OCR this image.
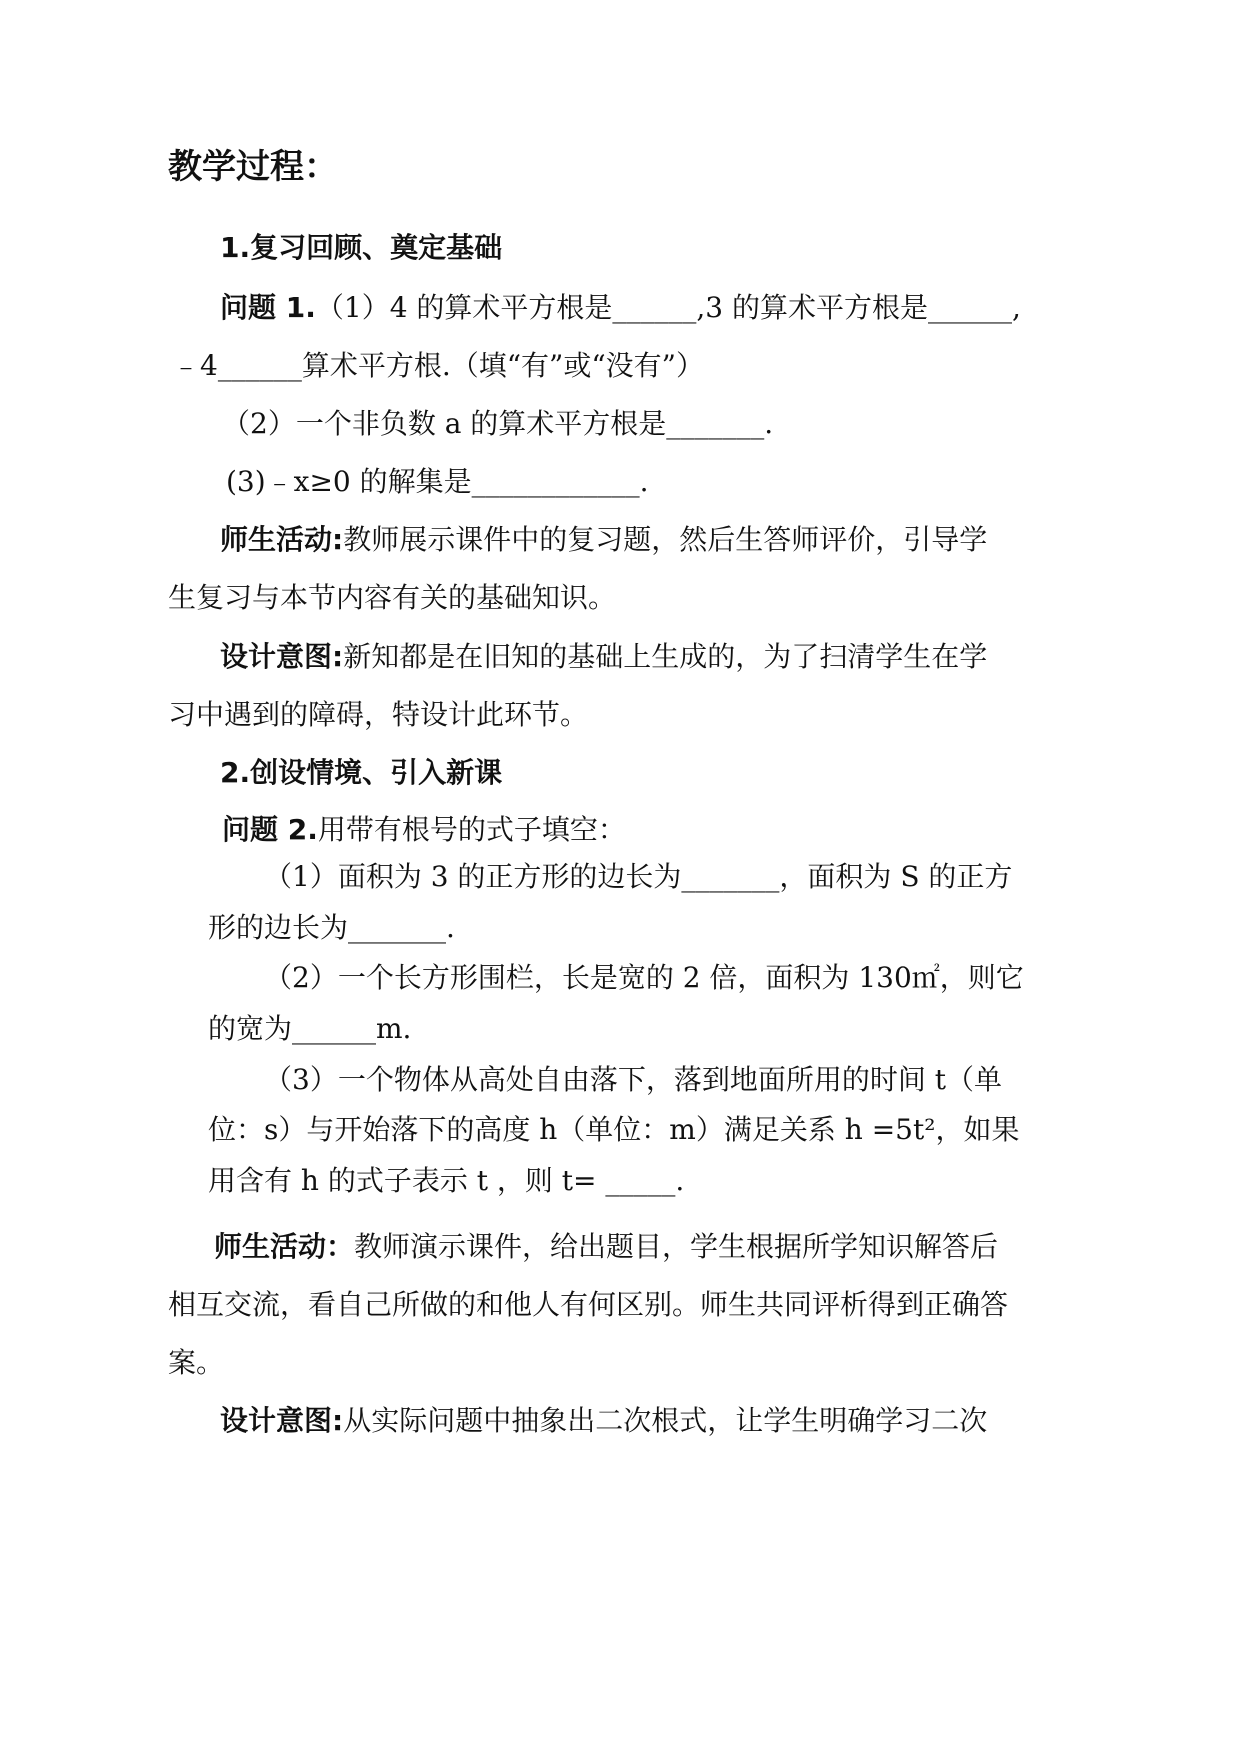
教学过程：
1.复习回顾、奠定基础
问题 1.（1）4 的算术平方根是______,3 的算术平方根是______,
﹣4______算术平方根.（填“有”或“没有”）
（2）一个非负数 a 的算术平方根是_______.
(3)﹣x≥0 的解集是____________.
师生活动:教师展示课件中的复习题，然后生答师评价，引导学
生复习与本节内容有关的基础知识。
设计意图:新知都是在旧知的基础上生成的，为了扫清学生在学
习中遇到的障碍，特设计此环节。
2.创设情境、引入新课
问题 2.用带有根号的式子填空：
（1）面积为 3 的正方形的边长为_______，面积为 S 的正方
形的边长为_______.
（2）一个长方形围栏，长是宽的 2 倍，面积为 130㎡，则它
的宽为______m.
（3）一个物体从高处自由落下，落到地面所用的时间 t（单
位：s）与开始落下的高度 h（单位：m）满足关系 h =5t²，如果
用含有 h 的式子表示 t ，则 t= _____.
师生活动：教师演示课件，给出题目，学生根据所学知识解答后
相互交流，看自己所做的和他人有何区别。师生共同评析得到正确答
案。
设计意图:从实际问题中抽象出二次根式，让学生明确学习二次
